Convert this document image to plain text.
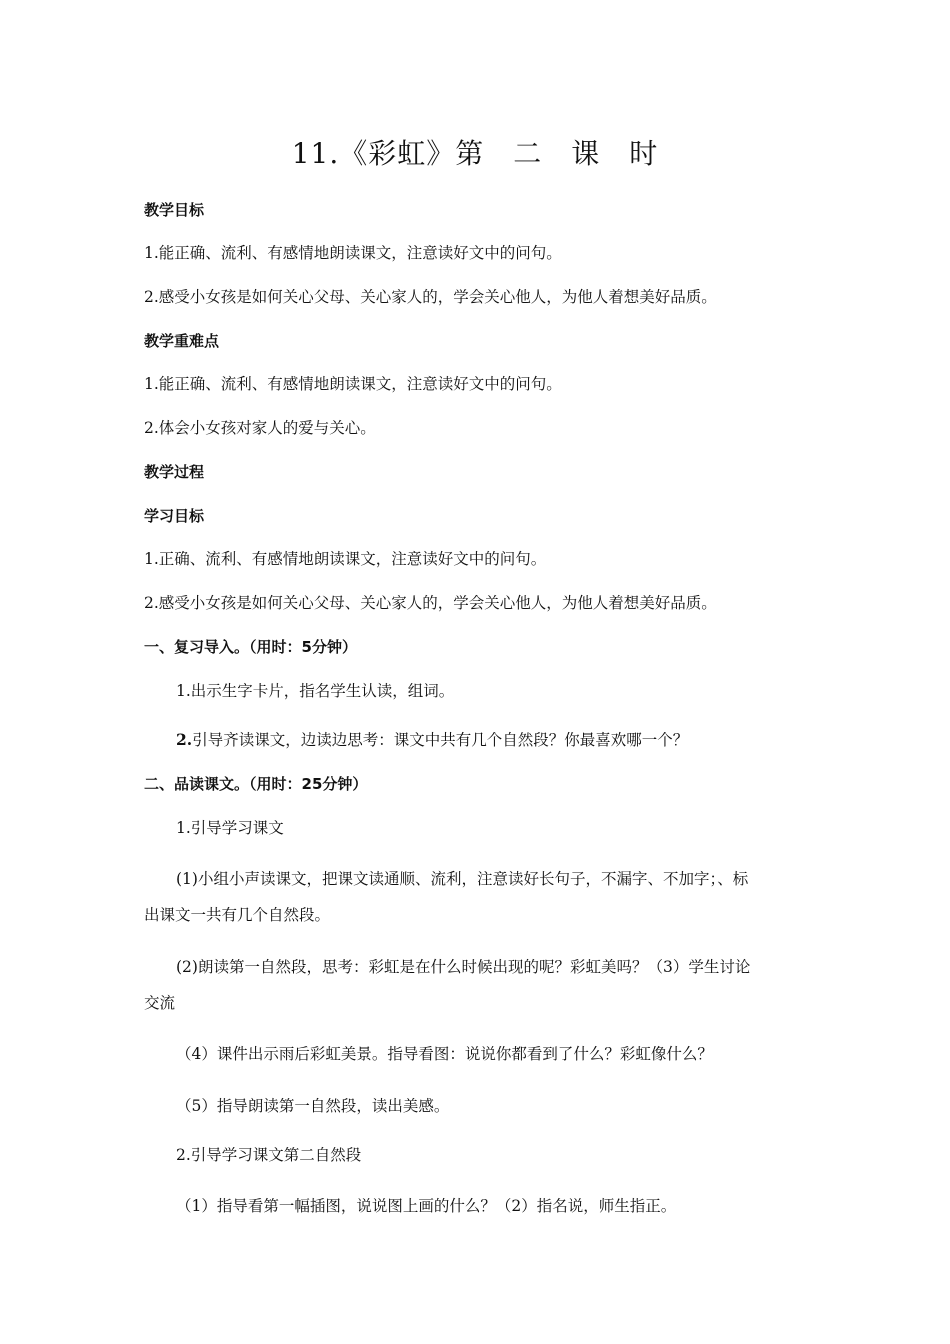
11.《彩虹》第　二　课　时
教学目标
1.能正确、流利、有感情地朗读课文，注意读好文中的问句。
2.感受小女孩是如何关心父母、关心家人的，学会关心他人，为他人着想美好品质。
教学重难点
1.能正确、流利、有感情地朗读课文，注意读好文中的问句。
2.体会小女孩对家人的爱与关心。
教学过程
学习目标
1.正确、流利、有感情地朗读课文，注意读好文中的问句。
2.感受小女孩是如何关心父母、关心家人的，学会关心他人，为他人着想美好品质。
一、复习导入。（用时：5分钟）
1.出示生字卡片，指名学生认读，组词。
2.引导齐读课文，边读边思考：课文中共有几个自然段？你最喜欢哪一个？
二、品读课文。（用时：25分钟）
1.引导学习课文
(1)小组小声读课文，把课文读通顺、流利，注意读好长句子，不漏字、不加字；、标
出课文一共有几个自然段。
(2)朗读第一自然段，思考：彩虹是在什么时候出现的呢？彩虹美吗？（3）学生讨论
交流
（4）课件出示雨后彩虹美景。指导看图：说说你都看到了什么？彩虹像什么？
（5）指导朗读第一自然段，读出美感。
2.引导学习课文第二自然段
（1）指导看第一幅插图，说说图上画的什么？（2）指名说，师生指正。
